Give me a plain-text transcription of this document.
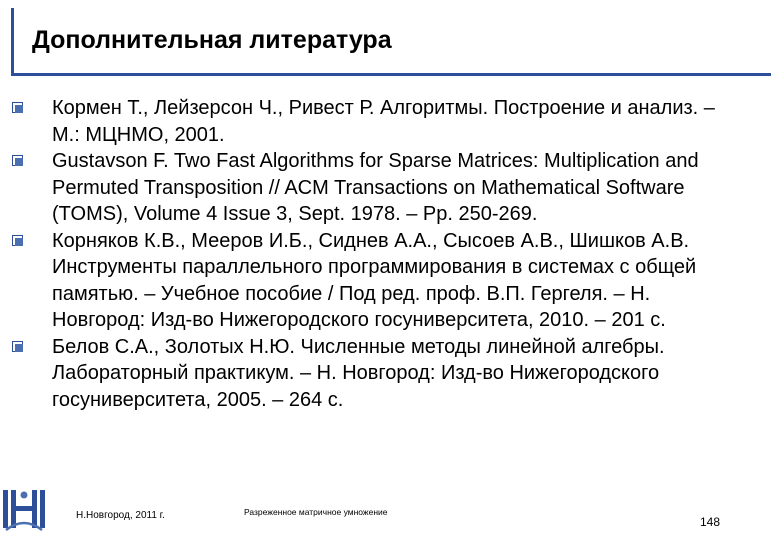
Дополнительная литература
Кормен Т., Лейзерсон Ч., Ривест Р. Алгоритмы. Построение и анализ. – М.: МЦНМО, 2001.
Gustavson F. Two Fast Algorithms for Sparse Matrices: Multiplication and Permuted Transposition // ACM Transactions on Mathematical Software (TOMS), Volume 4 Issue 3, Sept. 1978. – Pp. 250-269.
Корняков К.В., Мееров И.Б., Сиднев А.А., Сысоев А.В., Шишков А.В. Инструменты параллельного программирования в системах с общей памятью. – Учебное пособие / Под ред. проф. В.П. Гергеля. – Н. Новгород: Изд-во Нижегородского госуниверситета, 2010. – 201 с.
Белов С.А., Золотых Н.Ю. Численные методы линейной алгебры. Лабораторный практикум. – Н. Новгород: Изд-во Нижегородского госуниверситета, 2005. – 264 с.
Н.Новгород, 2011 г.	Разреженное матричное умножение
148
